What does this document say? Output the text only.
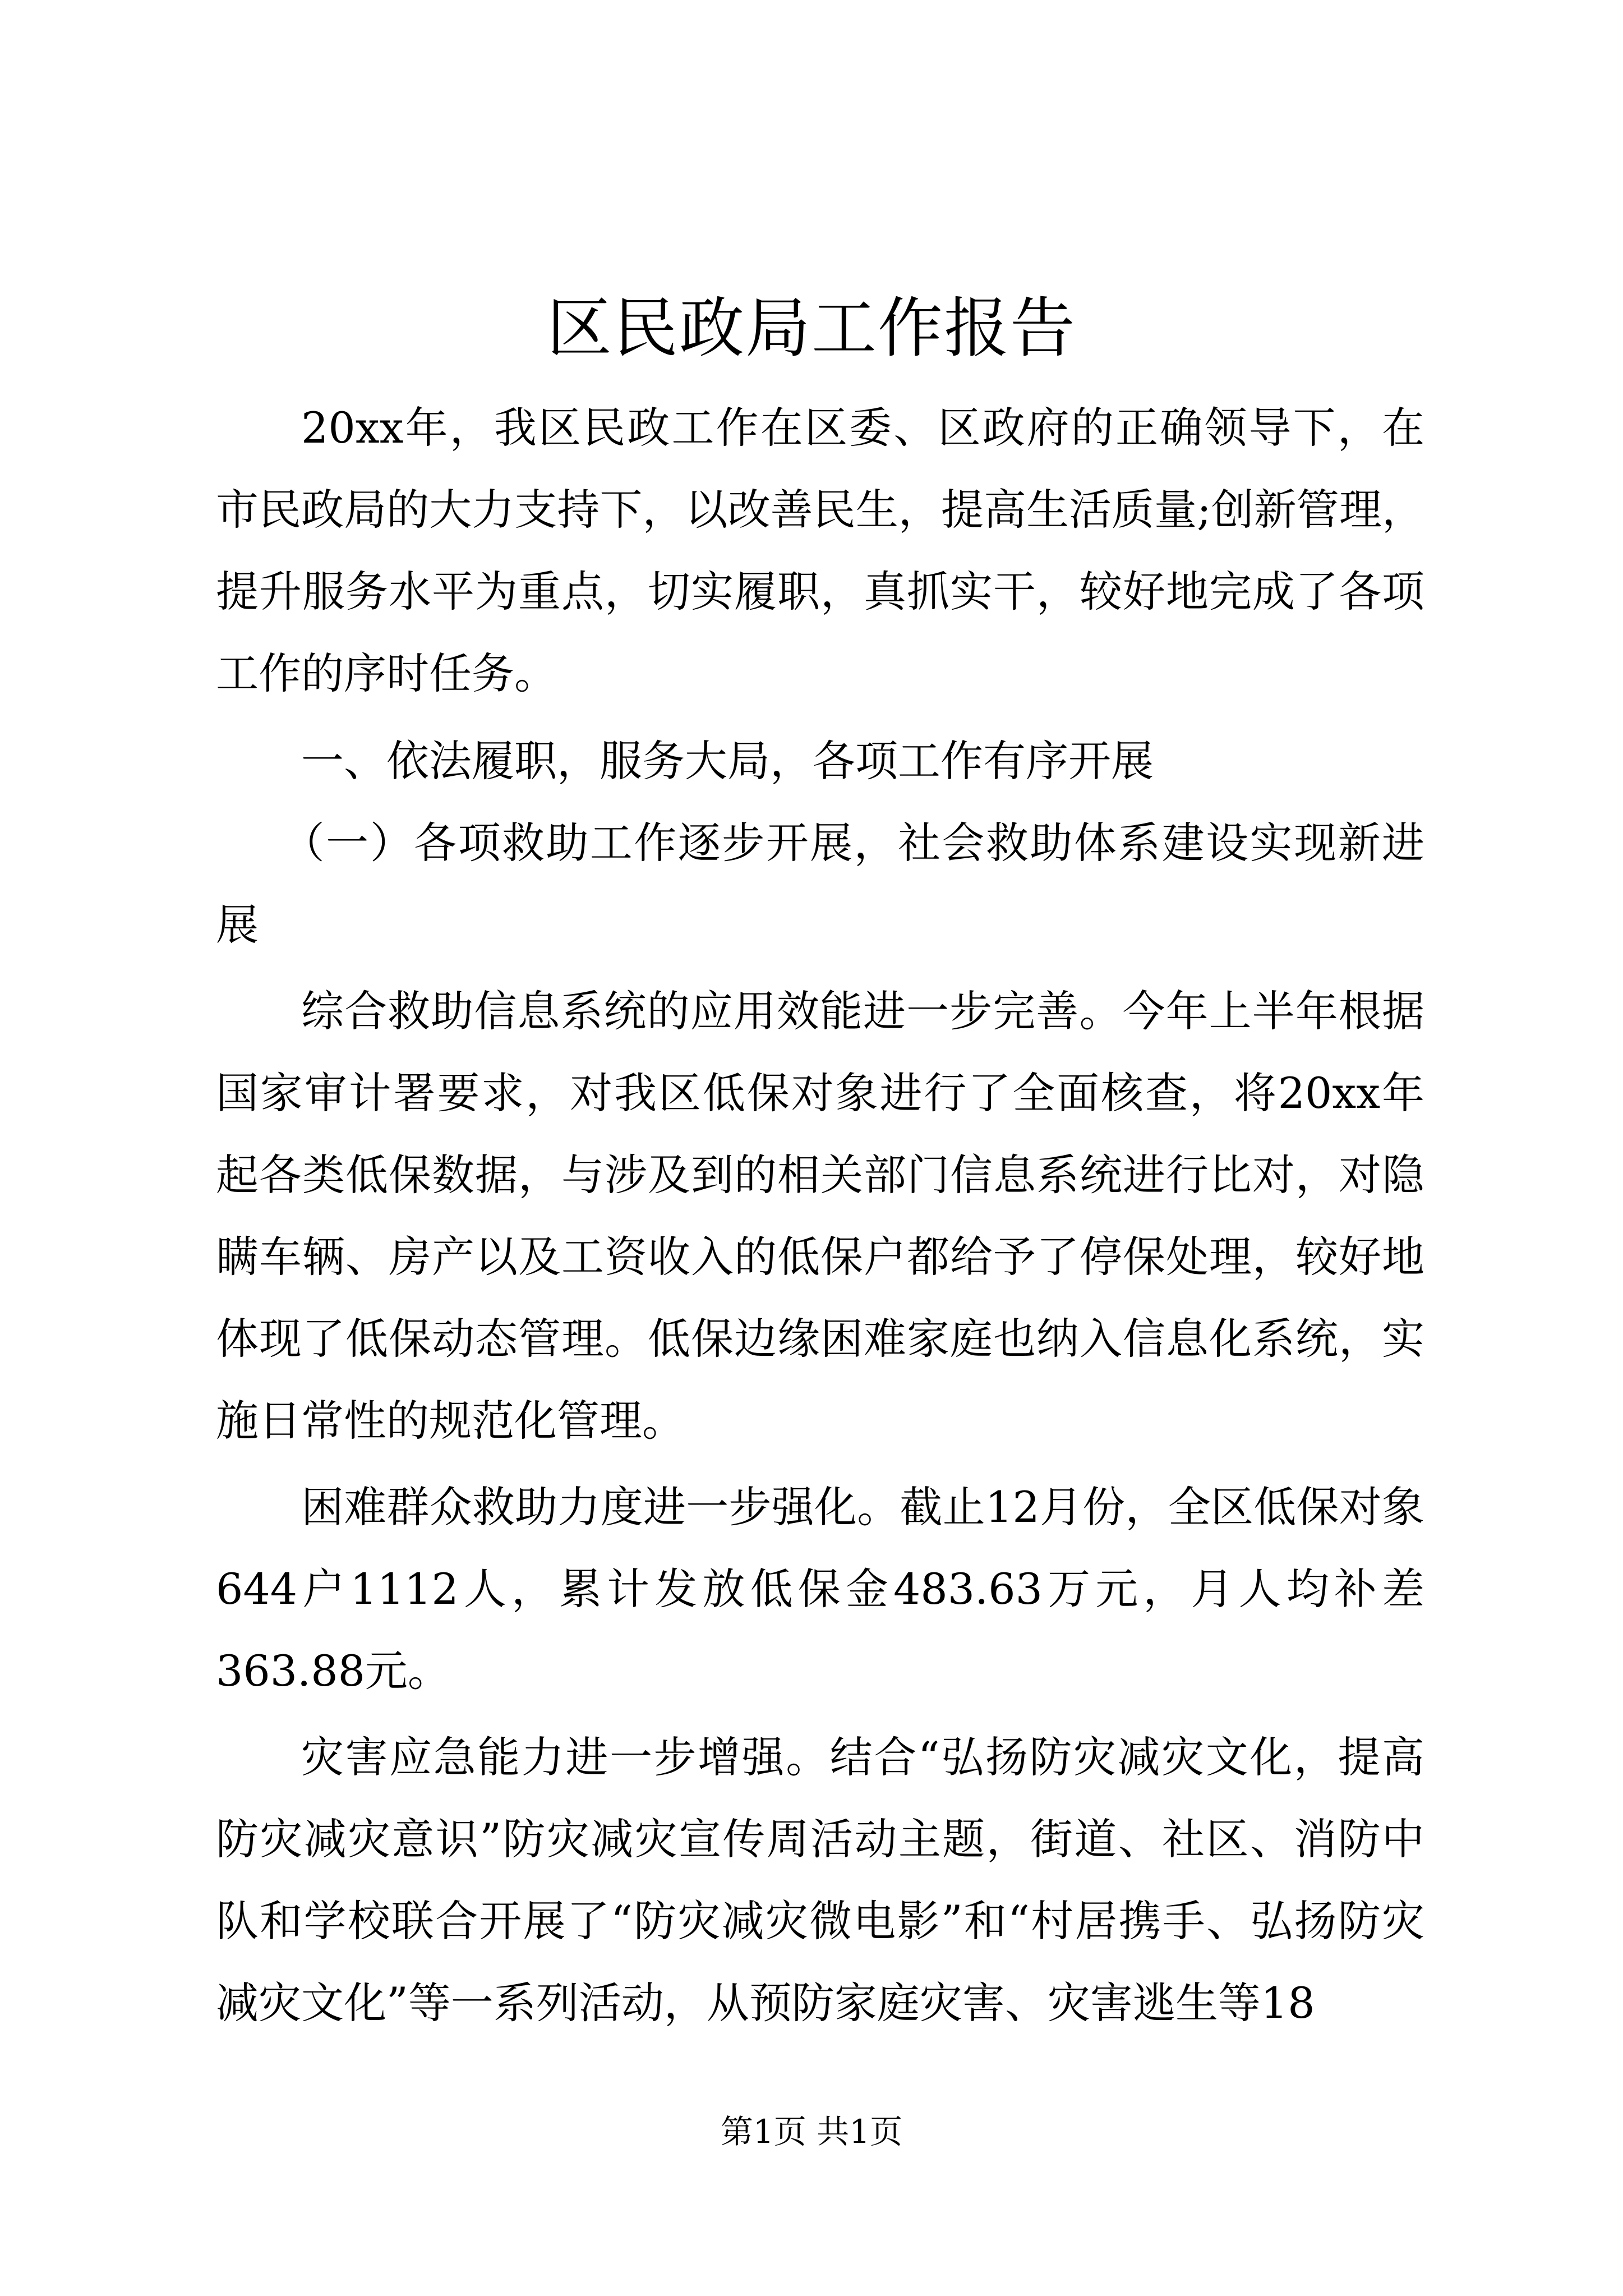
区民政局工作报告

20xx年，我区民政工作在区委、区政府的正确领导下，在市民政局的大力支持下，以改善民生，提高生活质量;创新管理，提升服务水平为重点，切实履职，真抓实干，较好地完成了各项工作的序时任务。

一、依法履职，服务大局，各项工作有序开展

（一）各项救助工作逐步开展，社会救助体系建设实现新进展

综合救助信息系统的应用效能进一步完善。今年上半年根据国家审计署要求，对我区低保对象进行了全面核查，将20xx年起各类低保数据，与涉及到的相关部门信息系统进行比对，对隐瞒车辆、房产以及工资收入的低保户都给予了停保处理，较好地体现了低保动态管理。低保边缘困难家庭也纳入信息化系统，实施日常性的规范化管理。

困难群众救助力度进一步强化。截止12月份，全区低保对象644户1112人，累计发放低保金483.63万元，月人均补差363.88元。

灾害应急能力进一步增强。结合“弘扬防灾减灾文化，提高防灾减灾意识”防灾减灾宣传周活动主题，街道、社区、消防中队和学校联合开展了“防灾减灾微电影”和“村居携手、弘扬防灾减灾文化”等一系列活动，从预防家庭灾害、灾害逃生等18

第1页 共1页
